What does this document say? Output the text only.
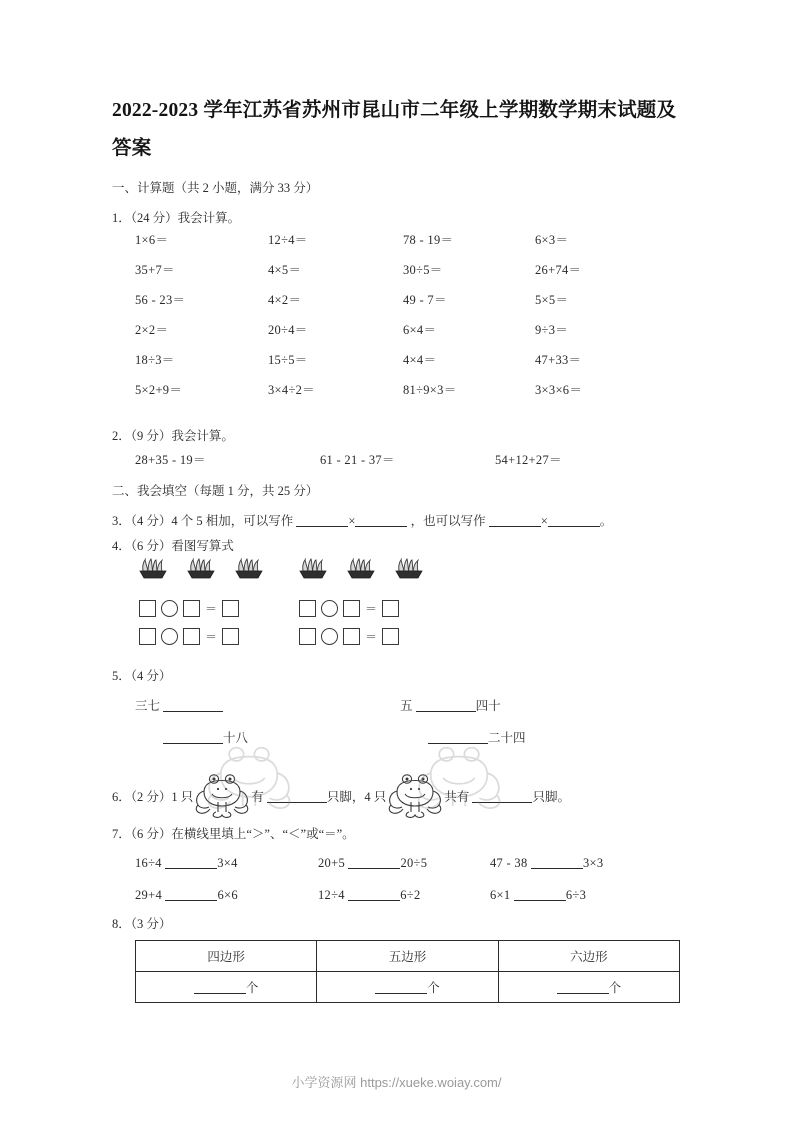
2022-2023 学年江苏省苏州市昆山市二年级上学期数学期末试题及答案
一、计算题（共 2 小题，满分 33 分）
1．（24 分）我会计算。
1×6＝	12÷4＝	78 - 19＝	6×3＝
35+7＝	4×5＝	30÷5＝	26+74＝
56 - 23＝	4×2＝	49 - 7＝	5×5＝
2×2＝	20÷4＝	6×4＝	9÷3＝
18÷3＝	15÷5＝	4×4＝	47+33＝
5×2+9＝	3×4÷2＝	81÷9×3＝	3×3×6＝
2．（9 分）我会计算。
28+35 - 19＝	61 - 21 - 37＝	54+12+27＝
二、我会填空（每题 1 分，共 25 分）
3．（4 分）4 个 5 相加，可以写作	×	，也可以写作	×	。
4．（6 分）看图写算式
＝
＝
＝
＝
5．（4 分）
三七	五	四十
十八	二十四
6．（2 分）1 只	有	只脚，4 只	共有	只脚。
7．（6 分）在横线里填上“＞”、“＜”或“＝”。
16÷4	3×4	20+5	20÷5	47 - 38	3×3
29+4	6×6	12÷4	6÷2	6×1	6÷3
8．（3 分）
四边形	五边形	六边形
个	个	个
小学资源网 https://xueke.woiay.com/
